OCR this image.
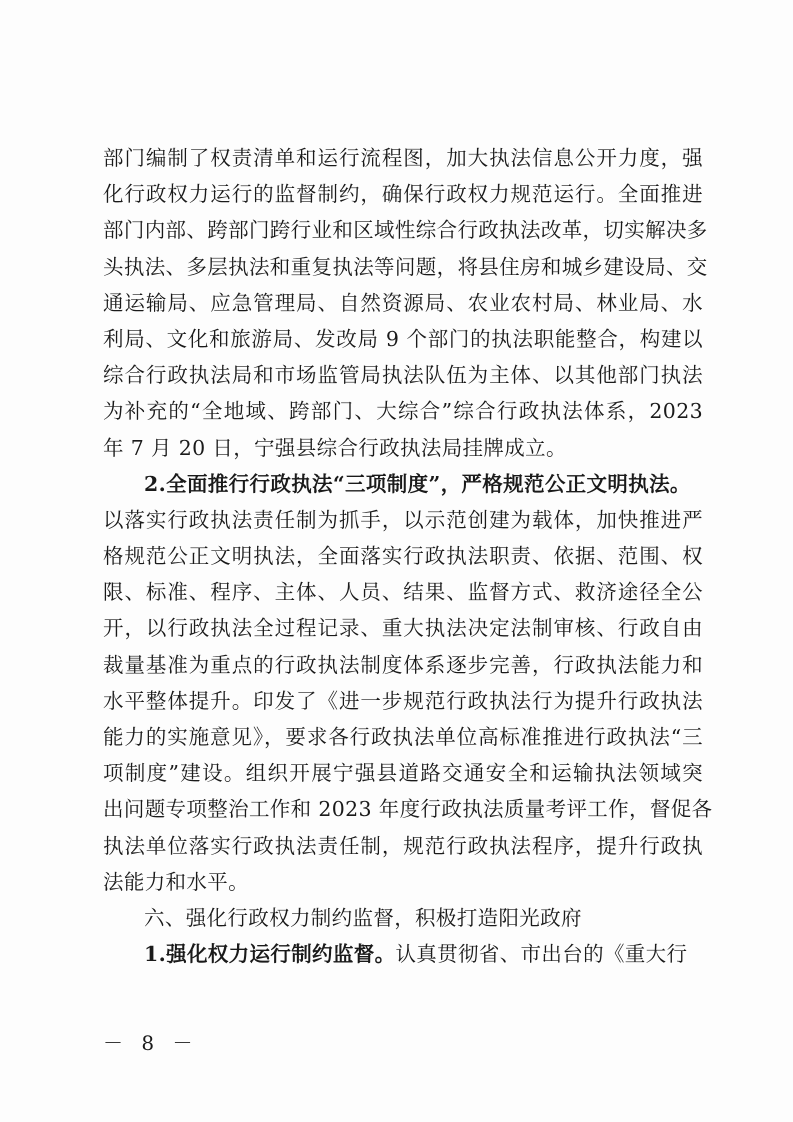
部门编制了权责清单和运行流程图，加大执法信息公开力度，强
化行政权力运行的监督制约，确保行政权力规范运行。全面推进
部门内部、跨部门跨行业和区域性综合行政执法改革，切实解决多
头执法、多层执法和重复执法等问题，将县住房和城乡建设局、交
通运输局、应急管理局、自然资源局、农业农村局、林业局、水
利局、文化和旅游局、发改局 9 个部门的执法职能整合，构建以
综合行政执法局和市场监管局执法队伍为主体、以其他部门执法
为补充的“全地域、跨部门、大综合”综合行政执法体系，2023
年 7 月 20 日，宁强县综合行政执法局挂牌成立。
2.全面推行行政执法“三项制度”，严格规范公正文明执法。
以落实行政执法责任制为抓手，以示范创建为载体，加快推进严
格规范公正文明执法，全面落实行政执法职责、依据、范围、权
限、标准、程序、主体、人员、结果、监督方式、救济途径全公
开，以行政执法全过程记录、重大执法决定法制审核、行政自由
裁量基准为重点的行政执法制度体系逐步完善，行政执法能力和
水平整体提升。印发了《进一步规范行政执法行为提升行政执法
能力的实施意见》，要求各行政执法单位高标准推进行政执法“三
项制度”建设。组织开展宁强县道路交通安全和运输执法领域突
出问题专项整治工作和 2023 年度行政执法质量考评工作，督促各
执法单位落实行政执法责任制，规范行政执法程序，提升行政执
法能力和水平。
六、强化行政权力制约监督，积极打造阳光政府
1.强化权力运行制约监督。认真贯彻省、市出台的《重大行
－ 8 －
